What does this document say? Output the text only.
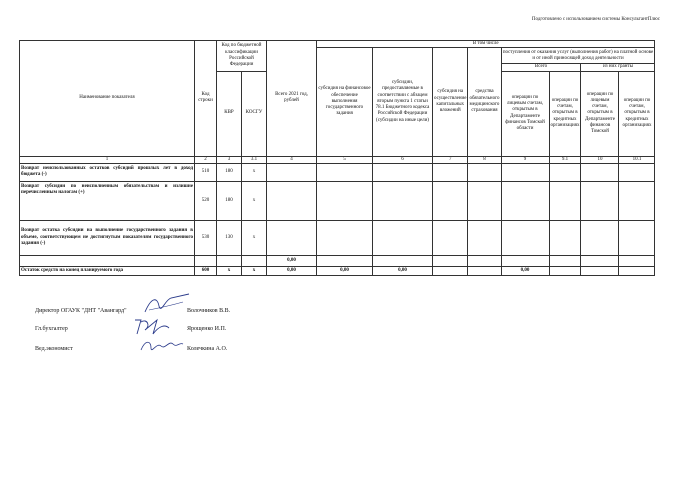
Подготовлено с использованием системы КонсультантПлюс
Наименование показателя	Код строки	Код по бюджетной классификации Российской Федерации		Всего 2021 год, рублей	В том числе							
					субсидия на финансовое обеспечение выполнения государственного задания	субсидии, предоставляемые в соответствии с абзацем вторым пункта 1 статьи 78.1 Бюджетного кодекса Российской Федерации (субсидии на иные цели)	субсидия на осуществление капитальных вложений	средства обязательного медицинского страхования	поступления от оказания услуг (выполнения работ) на платной основе и от иной приносящей доход деятельности			
									Всего		из них гранты	
		КВР	КОСГУ						операции по лицевым счетам, открытым в Департаменте финансов Томской области	операции по счетам, открытым в кредитных организациях	операции по лицевым счетам, открытым в Департаменте финансов Томской	операции по счетам, открытым в кредитных организациях
1	2	3	3.1	4	5	6	7	8	9	9.1	10	10.1
Возврат неиспользованных остатков субсидий прошлых лет в доход бюджета (-)	510	180	x									
Возврат субсидии по неисполненным обязательствам и излишне перечисленным налогам (+)	520	180	x									
Возврат остатка субсидии на выполнение государственного задания в объеме, соответствующем не достигнутым показателям государственного задания (-)	530	130	x									
				0,00								
Остаток средств на конец планируемого года	600	x	x	0,00	0,00	0,00			0,00			
Директор ОГАУК "ДНТ "Авангард"	Волочников В.В.
Гл.бухгалтер	Ярощенко И.П.
Вед.экономист	Колечкина А.О.
